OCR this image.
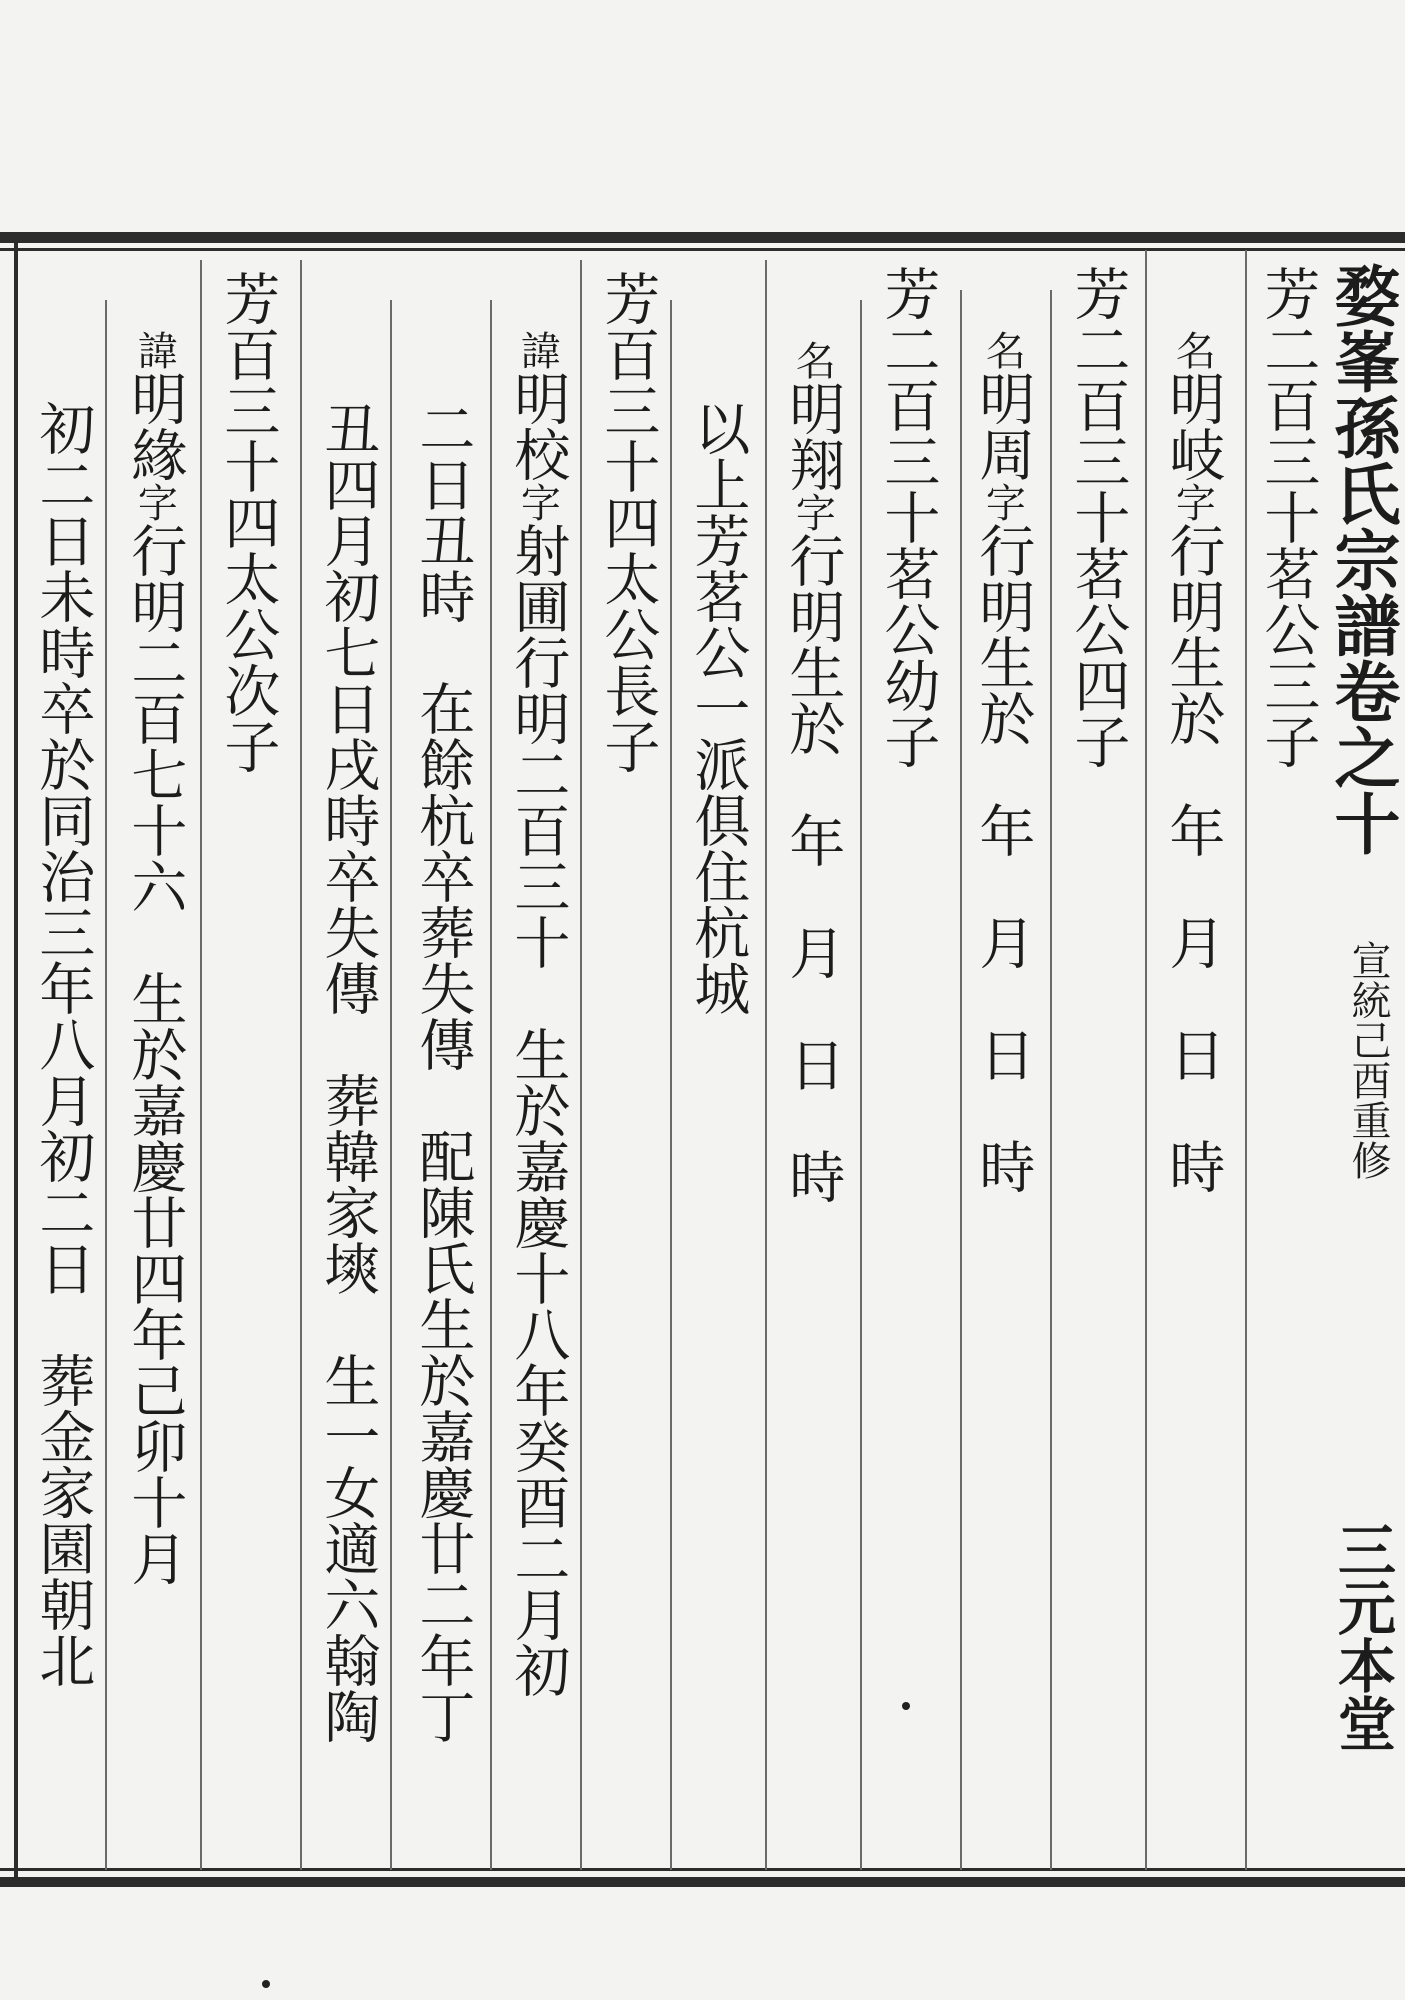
婺峯孫氏宗譜卷之十
宣統己酉重修
三元本堂
芳二百三十茗公三子
名明岐字行明生於　年　月　日　時
芳二百三十茗公四子
名明周字行明生於　年　月　日　時
芳二百三十茗公幼子
名明翔字行明生於　年　月　日　時
以上芳茗公一派俱住杭城
芳百三十四太公長子
諱明校字射圃行明二百三十　生於嘉慶十八年癸酉二月初
二日丑時　在餘杭卒葬失傳　配陳氏生於嘉慶廿二年丁
丑四月初七日戌時卒失傳　葬韓家塽　生一女適六翰陶
芳百三十四太公次子
諱明緣字行明二百七十六　生於嘉慶廿四年己卯十月
初二日未時卒於同治三年八月初二日　葬金家園朝北
